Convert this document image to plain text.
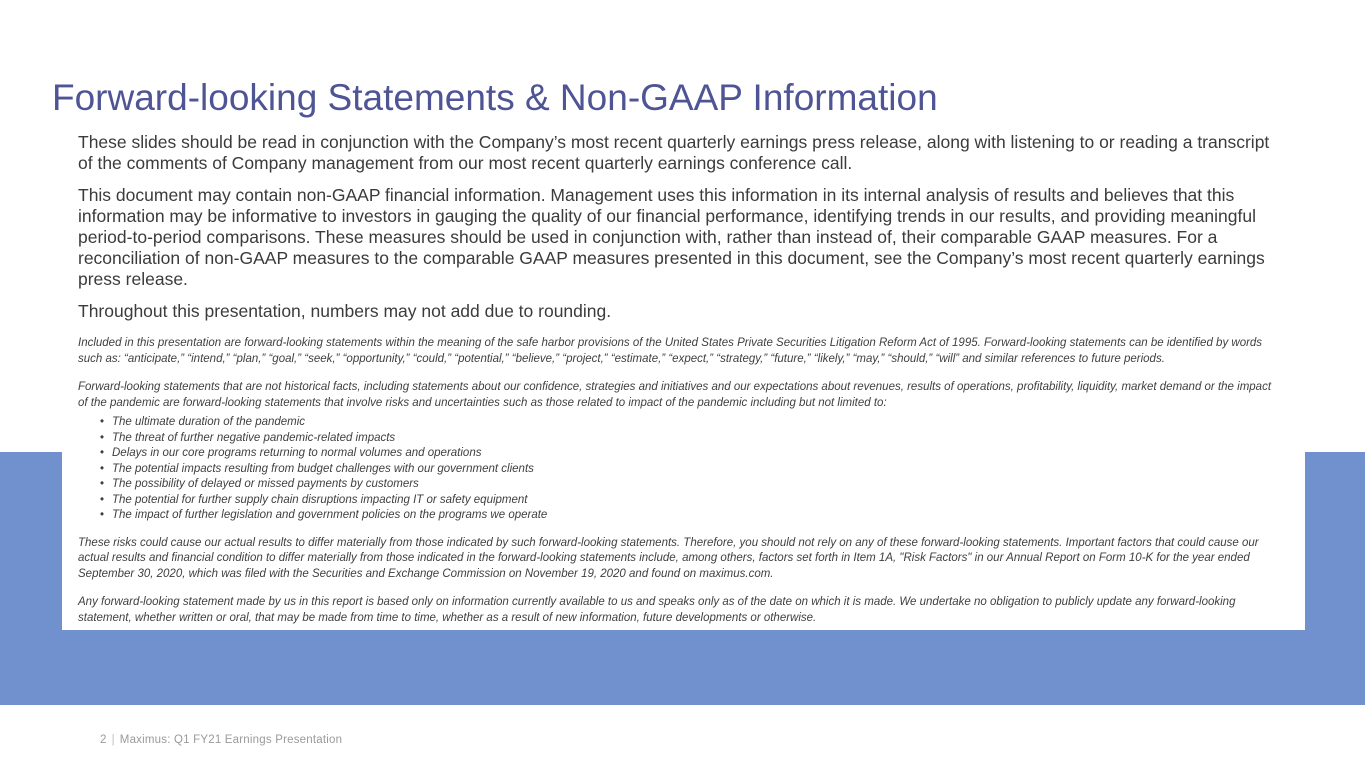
Forward-looking Statements & Non-GAAP Information

These slides should be read in conjunction with the Company’s most recent quarterly earnings press release, along with listening to or reading a transcript of the comments of Company management from our most recent quarterly earnings conference call.

This document may contain non-GAAP financial information. Management uses this information in its internal analysis of results and believes that this information may be informative to investors in gauging the quality of our financial performance, identifying trends in our results, and providing meaningful period-to-period comparisons. These measures should be used in conjunction with, rather than instead of, their comparable GAAP measures. For a reconciliation of non-GAAP measures to the comparable GAAP measures presented in this document, see the Company’s most recent quarterly earnings press release.

Throughout this presentation, numbers may not add due to rounding.

Included in this presentation are forward-looking statements within the meaning of the safe harbor provisions of the United States Private Securities Litigation Reform Act of 1995. Forward-looking statements can be identified by words such as: “anticipate,” “intend,” “plan,” “goal,” “seek,” “opportunity,” “could,” “potential,” “believe,” “project,” “estimate,” “expect,” “strategy,” “future,” “likely,” “may,” “should,” “will” and similar references to future periods.

Forward-looking statements that are not historical facts, including statements about our confidence, strategies and initiatives and our expectations about revenues, results of operations, profitability, liquidity, market demand or the impact of the pandemic are forward-looking statements that involve risks and uncertainties such as those related to impact of the pandemic including but not limited to:

• The ultimate duration of the pandemic
• The threat of further negative pandemic-related impacts
• Delays in our core programs returning to normal volumes and operations
• The potential impacts resulting from budget challenges with our government clients
• The possibility of delayed or missed payments by customers
• The potential for further supply chain disruptions impacting IT or safety equipment
• The impact of further legislation and government policies on the programs we operate

These risks could cause our actual results to differ materially from those indicated by such forward-looking statements. Therefore, you should not rely on any of these forward-looking statements. Important factors that could cause our actual results and financial condition to differ materially from those indicated in the forward-looking statements include, among others, factors set forth in Item 1A, "Risk Factors" in our Annual Report on Form 10-K for the year ended September 30, 2020, which was filed with the Securities and Exchange Commission on November 19, 2020 and found on maximus.com.

Any forward-looking statement made by us in this report is based only on information currently available to us and speaks only as of the date on which it is made. We undertake no obligation to publicly update any forward-looking statement, whether written or oral, that may be made from time to time, whether as a result of new information, future developments or otherwise.

2 | Maximus: Q1 FY21 Earnings Presentation
